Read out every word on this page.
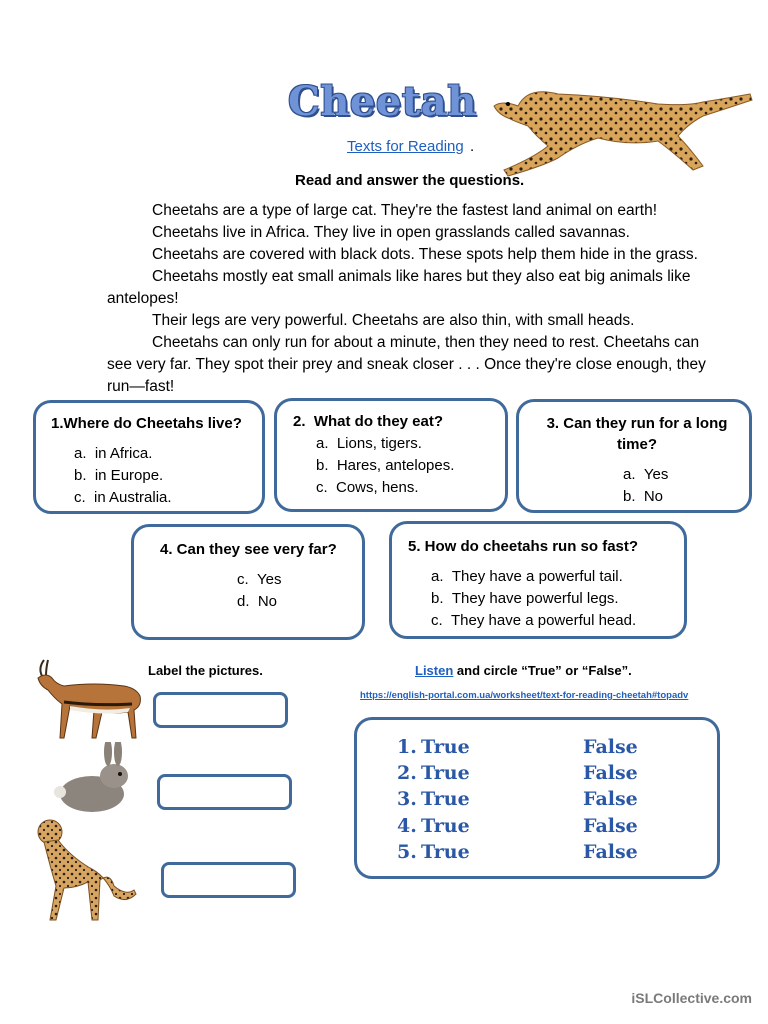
Cheetah
Texts for Reading .
Read and answer the questions.

Cheetahs are a type of large cat. They're the fastest land animal on earth!

Cheetahs live in Africa. They live in open grasslands called savannas.

Cheetahs are covered with black dots. These spots help them hide in the grass.

Cheetahs mostly eat small animals like hares but they also eat big animals like antelopes!

Their legs are very powerful. Cheetahs are also thin, with small heads.

Cheetahs can only run for about a minute, then they need to rest. Cheetahs can see very far. They spot their prey and sneak closer . . . Once they're close enough, they run—fast!

1.Where do Cheetahs live?
a.  in Africa.
b.  in Europe.
c.  in Australia.
2.  What do they eat?
a.  Lions, tigers.
b.  Hares, antelopes.
c.  Cows, hens.
3. Can they run for a long time?
a.  Yes
b.  No
4. Can they see very far?
c.  Yes
d.  No
5. How do cheetahs run so fast?
a.  They have a powerful tail.
b.  They have powerful legs.
c.  They have a powerful head.
Label the pictures.	Listen and circle “True” or “False”.
https://english-portal.com.ua/worksheet/text-for-reading-cheetah#topadv
1. True	False
2. True	False
3. True	False
4. True	False
5. True	False
iSLCollective.com
